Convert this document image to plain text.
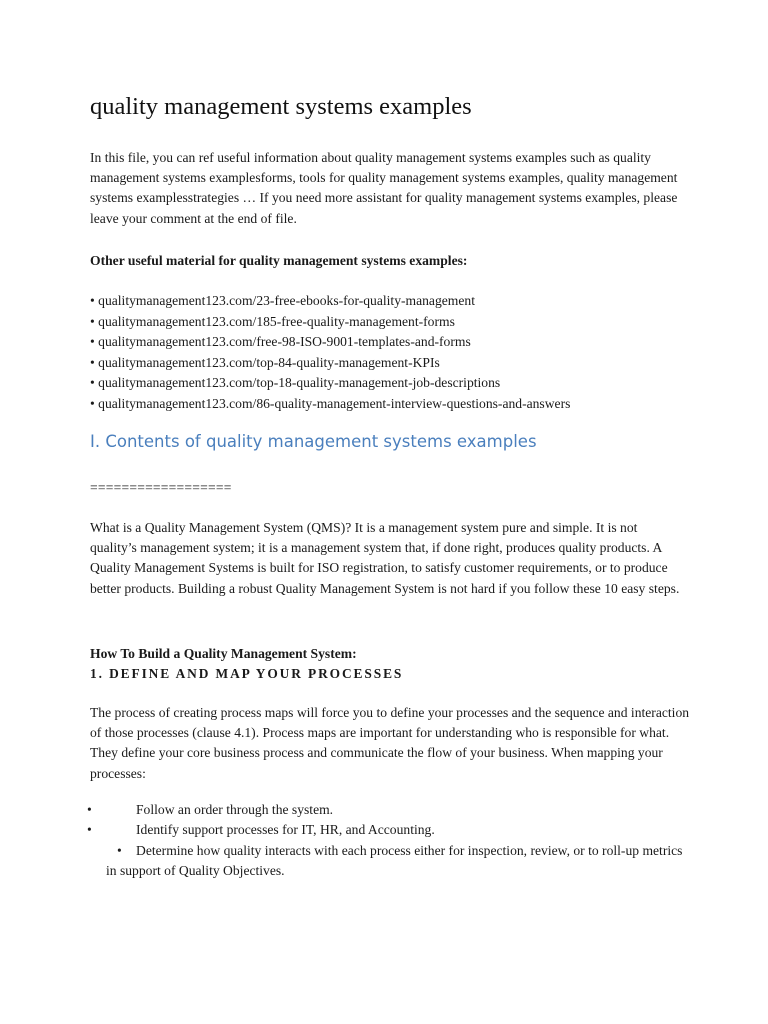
quality management systems examples

In this file, you can ref useful information about quality management systems examples such as quality management systems examplesforms, tools for quality management systems examples, quality management systems examplesstrategies … If you need more assistant for quality management systems examples, please leave your comment at the end of file.

Other useful material for quality management systems examples:

• qualitymanagement123.com/23-free-ebooks-for-quality-management
• qualitymanagement123.com/185-free-quality-management-forms
• qualitymanagement123.com/free-98-ISO-9001-templates-and-forms
• qualitymanagement123.com/top-84-quality-management-KPIs
• qualitymanagement123.com/top-18-quality-management-job-descriptions
• qualitymanagement123.com/86-quality-management-interview-questions-and-answers
I. Contents of quality management systems examples

==================

What is a Quality Management System (QMS)? It is a management system pure and simple. It is not quality’s management system; it is a management system that, if done right, produces quality products. A Quality Management Systems is built for ISO registration, to satisfy customer requirements, or to produce better products. Building a robust Quality Management System is not hard if you follow these 10 easy steps.

How To Build a Quality Management System:

1. DEFINE AND MAP YOUR PROCESSES

The process of creating process maps will force you to define your processes and the sequence and interaction of those processes (clause 4.1). Process maps are important for understanding who is responsible for what. They define your core business process and communicate the flow of your business. When mapping your processes:

•	Follow an order through the system.
•	Identify support processes for IT, HR, and Accounting.
• Determine how quality interacts with each process either for inspection, review, or to roll-up metrics in support of Quality Objectives.
